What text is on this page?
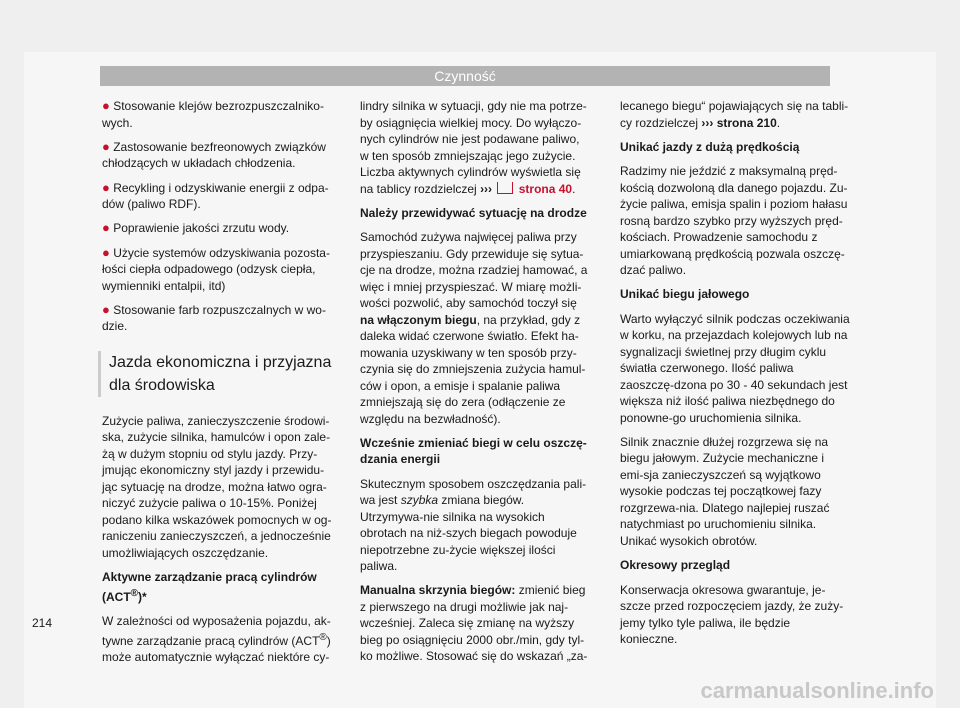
Czynność

● Stosowanie klejów bezrozpuszczalniko-wych.

● Zastosowanie bezfreonowych związków chłodzących w układach chłodzenia.

● Recykling i odzyskiwanie energii z odpa-dów (paliwo RDF).

● Poprawienie jakości zrzutu wody.

● Użycie systemów odzyskiwania pozosta-łości ciepła odpadowego (odzysk ciepła, wymienniki entalpii, itd)

● Stosowanie farb rozpuszczalnych w wo-dzie.

Jazda ekonomiczna i przyjazna dla środowiska

Zużycie paliwa, zanieczyszczenie środowi-ska, zużycie silnika, hamulców i opon zale-żą w dużym stopniu od stylu jazdy. Przy-jmując ekonomiczny styl jazdy i przewidu-jąc sytuację na drodze, można łatwo ogra-niczyć zużycie paliwa o 10-15%. Poniżej podano kilka wskazówek pomocnych w og-raniczeniu zanieczyszczeń, a jednocześnie umożliwiających oszczędzanie.

Aktywne zarządzanie pracą cylindrów (ACT®)*

W zależności od wyposażenia pojazdu, ak-tywne zarządzanie pracą cylindrów (ACT®) może automatycznie wyłączać niektóre cy-

lindry silnika w sytuacji, gdy nie ma potrze-by osiągnięcia wielkiej mocy. Do wyłączo-nych cylindrów nie jest podawane paliwo, w ten sposób zmniejszając jego zużycie. Liczba aktywnych cylindrów wyświetla się na tablicy rozdzielczej ››› strona 40.

Należy przewidywać sytuację na drodze

Samochód zużywa najwięcej paliwa przy przyspieszaniu. Gdy przewiduje się sytua-cje na drodze, można rzadziej hamować, a więc i mniej przyspieszać. W miarę możli-wości pozwolić, aby samochód toczył się na włączonym biegu, na przykład, gdy z daleka widać czerwone światło. Efekt ha-mowania uzyskiwany w ten sposób przy-czynia się do zmniejszenia zużycia hamul-ców i opon, a emisje i spalanie paliwa zmniejszają się do zera (odłączenie ze względu na bezwładność).

Wcześnie zmieniać biegi w celu oszczę-dzania energii

Skutecznym sposobem oszczędzania pali-wa jest szybka zmiana biegów. Utrzymywa-nie silnika na wysokich obrotach na niż-szych biegach powoduje niepotrzebne zu-życie większej ilości paliwa.

Manualna skrzynia biegów: zmienić bieg z pierwszego na drugi możliwie jak naj-wcześniej. Zaleca się zmianę na wyższy bieg po osiągnięciu 2000 obr./min, gdy tyl-ko możliwe. Stosować się do wskazań „za-

lecanego biegu“ pojawiających się na tabli-cy rozdzielczej ››› strona 210.

Unikać jazdy z dużą prędkością

Radzimy nie jeździć z maksymalną pręd-kością dozwoloną dla danego pojazdu. Zu-życie paliwa, emisja spalin i poziom hałasu rosną bardzo szybko przy wyższych pręd-kościach. Prowadzenie samochodu z umiarkowaną prędkością pozwala oszczę-dzać paliwo.

Unikać biegu jałowego

Warto wyłączyć silnik podczas oczekiwania w korku, na przejazdach kolejowych lub na sygnalizacji świetlnej przy długim cyklu światła czerwonego. Ilość paliwa zaoszczę-dzona po 30 - 40 sekundach jest większa niż ilość paliwa niezbędnego do ponowne-go uruchomienia silnika.

Silnik znacznie dłużej rozgrzewa się na biegu jałowym. Zużycie mechaniczne i emi-sja zanieczyszczeń są wyjątkowo wysokie podczas tej początkowej fazy rozgrzewa-nia. Dlatego najlepiej ruszać natychmiast po uruchomieniu silnika. Unikać wysokich obrotów.

Okresowy przegląd

Konserwacja okresowa gwarantuje, je-szcze przed rozpoczęciem jazdy, że zuży-jemy tylko tyle paliwa, ile będzie konieczne.

214
carmanualsonline.info
